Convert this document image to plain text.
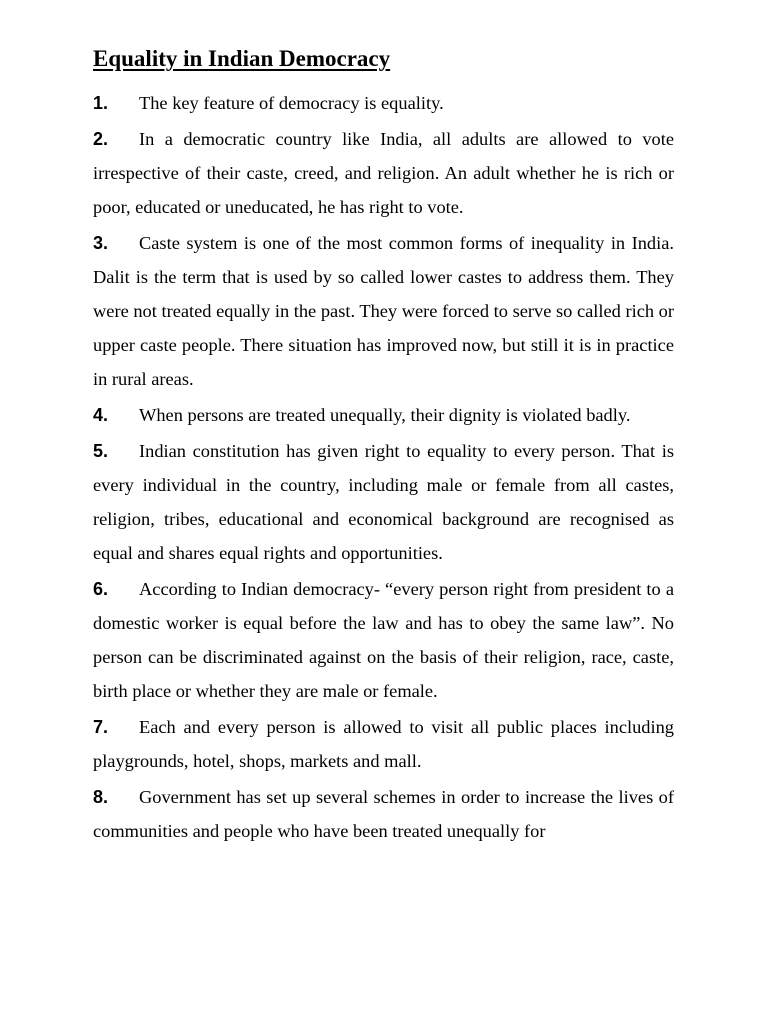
Equality in Indian Democracy

1. The key feature of democracy is equality.

2. In a democratic country like India, all adults are allowed to vote irrespective of their caste, creed, and religion. An adult whether he is rich or poor, educated or uneducated, he has right to vote.

3. Caste system is one of the most common forms of inequality in India. Dalit is the term that is used by so called lower castes to address them. They were not treated equally in the past. They were forced to serve so called rich or upper caste people. There situation has improved now, but still it is in practice in rural areas.

4. When persons are treated unequally, their dignity is violated badly.

5. Indian constitution has given right to equality to every person. That is every individual in the country, including male or female from all castes, religion, tribes, educational and economical background are recognised as equal and shares equal rights and opportunities.

6. According to Indian democracy- “every person right from president to a domestic worker is equal before the law and has to obey the same law”. No person can be discriminated against on the basis of their religion, race, caste, birth place or whether they are male or female.

7. Each and every person is allowed to visit all public places including playgrounds, hotel, shops, markets and mall.

8. Government has set up several schemes in order to increase the lives of communities and people who have been treated unequally for
